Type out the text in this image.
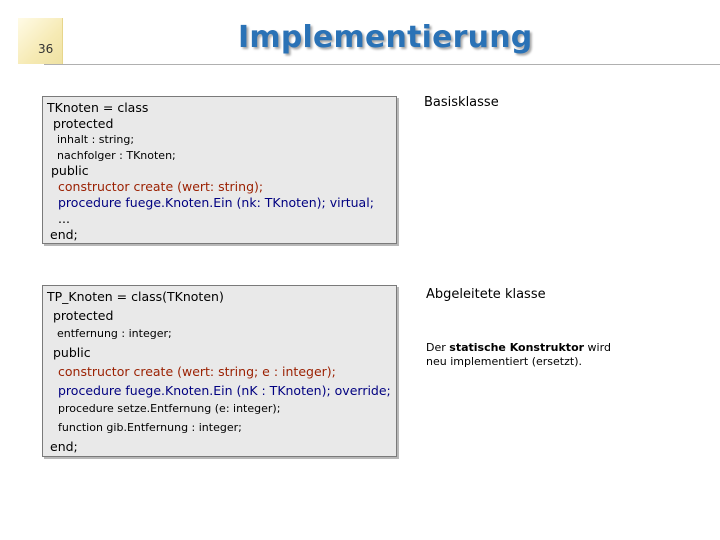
36	Implementierung
TKnoten = class
protected
inhalt : string;
nachfolger : TKnoten;
public
constructor create (wert: string);
procedure fuege.Knoten.Ein (nk: TKnoten); virtual;
...
end;
Basisklasse
TP_Knoten = class(TKnoten)
protected
entfernung : integer;
public
constructor create (wert: string; e : integer);
procedure fuege.Knoten.Ein (nK : TKnoten); override;
procedure setze.Entfernung (e: integer);
function gib.Entfernung : integer;
end;
Abgeleitete klasse
Der statische Konstruktor wird neu implementiert (ersetzt).
